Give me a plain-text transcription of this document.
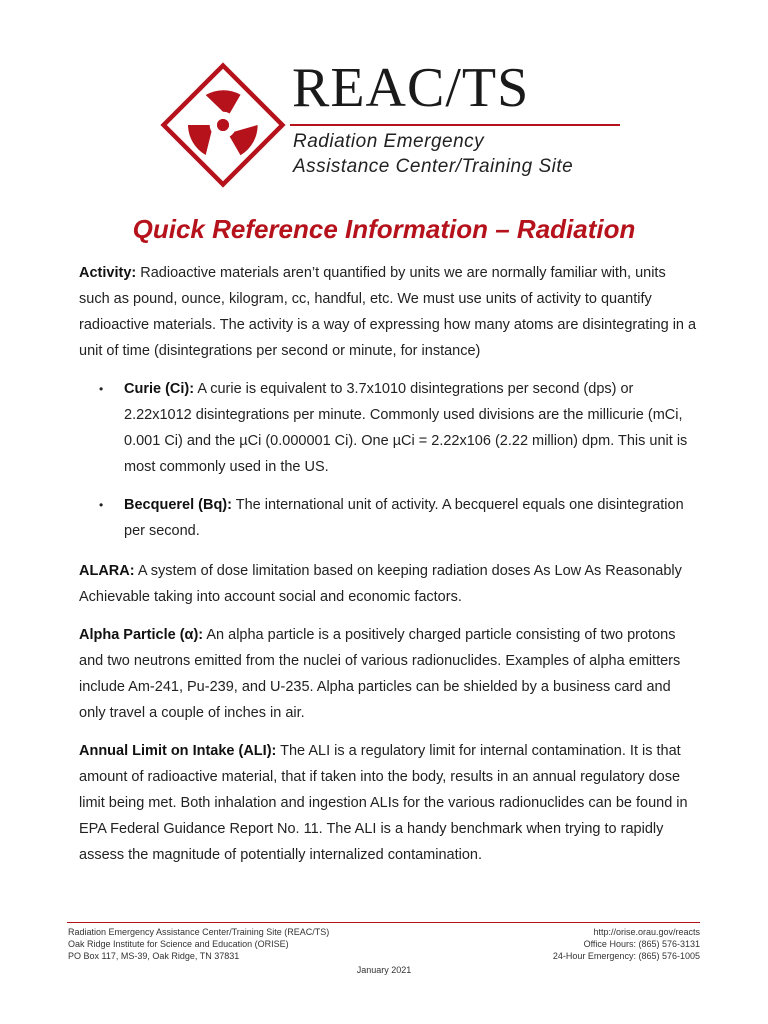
REAC/TS
Radiation Emergency
Assistance Center/Training Site
Quick Reference Information – Radiation

Activity: Radioactive materials aren’t quantified by units we are normally familiar with, units such as pound, ounce, kilogram, cc, handful, etc. We must use units of activity to quantify radioactive materials. The activity is a way of expressing how many atoms are disintegrating in a unit of time (disintegrations per second or minute, for instance)

• Curie (Ci): A curie is equivalent to 3.7x1010 disintegrations per second (dps) or 2.22x1012 disintegrations per minute. Commonly used divisions are the millicurie (mCi, 0.001 Ci) and the µCi (0.000001 Ci). One µCi = 2.22x106 (2.22 million) dpm. This unit is most commonly used in the US.
• Becquerel (Bq): The international unit of activity. A becquerel equals one disintegration per second.

ALARA: A system of dose limitation based on keeping radiation doses As Low As Reasonably Achievable taking into account social and economic factors.

Alpha Particle (α): An alpha particle is a positively charged particle consisting of two protons and two neutrons emitted from the nuclei of various radionuclides. Examples of alpha emitters include Am-241, Pu-239, and U-235. Alpha particles can be shielded by a business card and only travel a couple of inches in air.

Annual Limit on Intake (ALI): The ALI is a regulatory limit for internal contamination. It is that amount of radioactive material, that if taken into the body, results in an annual regulatory dose limit being met. Both inhalation and ingestion ALIs for the various radionuclides can be found in EPA Federal Guidance Report No. 11. The ALI is a handy benchmark when trying to rapidly assess the magnitude of potentially internalized contamination.

Radiation Emergency Assistance Center/Training Site (REAC/TS)
Oak Ridge Institute for Science and Education (ORISE)
PO Box 117, MS-39, Oak Ridge, TN 37831
http://orise.orau.gov/reacts
Office Hours: (865) 576-3131
24-Hour Emergency: (865) 576-1005
January 2021
